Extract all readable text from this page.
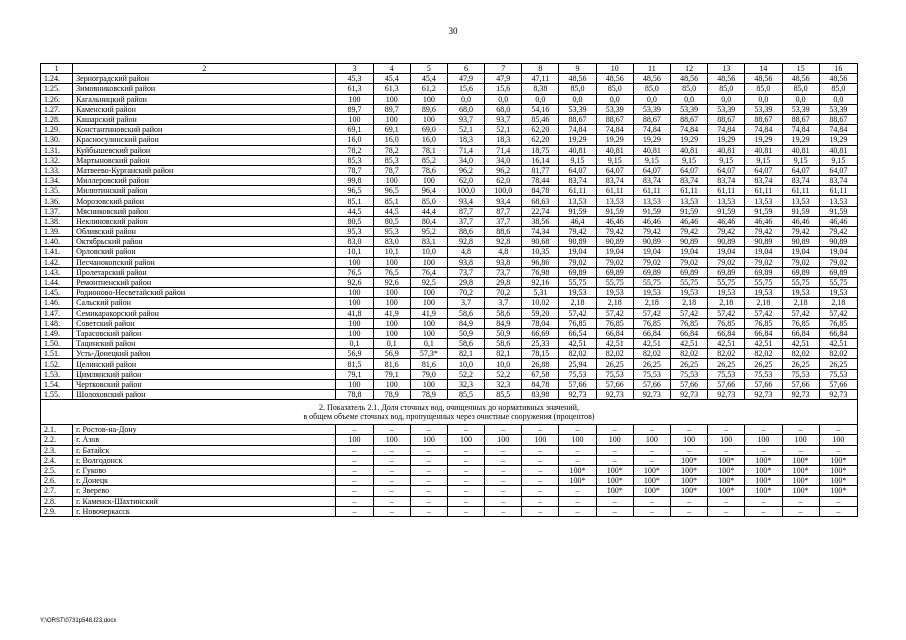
30
1	2	3	4	5	6	7	8	9	10	11	12	13	14	15	16
1.24.	Зерноградский район	45,3	45,4	45,4	47,9	47,9	47,11	48,56	48,56	48,56	48,56	48,56	48,56	48,56	48,56
1.25.	Зимовниковский район	61,3	61,3	61,2	15,6	15,6	8,38	85,0	85,0	85,0	85,0	85,0	85,0	85,0	85,0
1.26.	Кагальницкий район	100	100	100	0,0	0,0	0,0	0,0	0,0	0,0	0,0	0,0	0,0	0,0	0,0
1.27.	Каменский район	89,7	89,7	89,6	68,0	68,0	54,16	53,39	53,39	53,39	53,39	53,39	53,39	53,39	53,39
1.28.	Кашарский район	100	100	100	93,7	93,7	85,46	88,67	88,67	88,67	88,67	88,67	88,67	88,67	88,67
1.29.	Константиновский район	69,1	69,1	69,0	52,1	52,1	62,20	74,84	74,84	74,84	74,84	74,84	74,84	74,84	74,84
1.30.	Красносулинский район	16,0	16,0	16,0	18,3	18,3	62,20	19,29	19,29	19,29	19,29	19,29	19,29	19,29	19,29
1.31.	Куйбышевский район	78,2	78,2	78,1	71,4	71,4	18,75	40,81	40,81	40,81	40,81	40,81	40,81	40,81	40,81
1.32.	Мартыновский район	85,3	85,3	85,2	34,0	34,0	16,14	9,15	9,15	9,15	9,15	9,15	9,15	9,15	9,15
1.33.	Матвеево-Курганский район	78,7	78,7	78,6	96,2	96,2	81,77	64,07	64,07	64,07	64,07	64,07	64,07	64,07	64,07
1.34.	Миллеровский район	99,8	100	100	62,0	62,0	78,44	83,74	83,74	83,74	83,74	83,74	83,74	83,74	83,74
1.35.	Милютинский район	96,5	96,5	96,4	100,0	100,0	84,78	61,11	61,11	61,11	61,11	61,11	61,11	61,11	61,11
1.36.	Морозовский район	85,1	85,1	85,0	93,4	93,4	68,63	13,53	13,53	13,53	13,53	13,53	13,53	13,53	13,53
1.37.	Мясниковский район	44,5	44,5	44,4	87,7	87,7	22,74	91,59	91,59	91,59	91,59	91,59	91,59	91,59	91,59
1.38.	Неклиновский район	80,5	80,5	80,4	37,7	37,7	38,56	46,4	46,46	46,46	46,46	46,46	46,46	46,46	46,46
1.39.	Обливский район	95,3	95,3	95,2	88,6	88,6	74,34	79,42	79,42	79,42	79,42	79,42	79,42	79,42	79,42
1.40.	Октябрьский район	83,0	83,0	83,1	92,8	92,8	90,68	90,89	90,89	90,89	90,89	90,89	90,89	90,89	90,89
1.41.	Орловский район	10,1	10,1	10,0	4,8	4,8	10,35	19,04	19,04	19,04	19,04	19,04	19,04	19,04	19,04
1.42.	Песчанокопский район	100	100	100	93,8	93,8	96,86	79,02	79,02	79,02	79,02	79,02	79,02	79,02	79,02
1.43.	Пролетарский район	76,5	76,5	76,4	73,7	73,7	76,98	69,89	69,89	69,89	69,89	69,89	69,89	69,89	69,89
1.44.	Ремонтненский район	92,6	92,6	92,5	29,8	29,8	92,16	55,75	55,75	55,75	55,75	55,75	55,75	55,75	55,75
1.45.	Родионово-Несветайский район	100	100	100	70,2	70,2	5,31	19,53	19,53	19,53	19,53	19,53	19,53	19,53	19,53
1.46.	Сальский район	100	100	100	3,7	3,7	10,02	2,18	2,18	2,18	2,18	2,18	2,18	2,18	2,18
1.47.	Семикаракорский район	41,8	41,9	41,9	58,6	58,6	59,20	57,42	57,42	57,42	57,42	57,42	57,42	57,42	57,42
1.48.	Советский район	100	100	100	84,9	84,9	78,04	76,85	76,85	76,85	76,85	76,85	76,85	76,85	76,85
1.49.	Тарасовский район	100	100	100	50,9	50,9	66,69	66,54	66,84	66,84	66,84	66,84	66,84	66,84	66,84
1.50.	Тацинский район	0,1	0,1	0,1	58,6	58,6	25,33	42,51	42,51	42,51	42,51	42,51	42,51	42,51	42,51
1.51.	Усть-Донецкий район	56,9	56,9	57,3*	82,1	82,1	78,15	82,02	82,02	82,02	82,02	82,02	82,02	82,02	82,02
1.52.	Целинский район	81,5	81,6	81,6	10,0	10,0	26,88	25,94	26,25	26,25	26,25	26,25	26,25	26,25	26,25
1.53.	Цимлянский район	79,1	79,1	79,0	52,2	52,2	67,58	75,53	75,53	75,53	75,53	75,53	75,53	75,53	75,53
1.54.	Чертковский район	100	100	100	32,3	32,3	84,78	57,66	57,66	57,66	57,66	57,66	57,66	57,66	57,66
1.55.	Шолоховский район	78,8	78,9	78,9	85,5	85,5	83,98	92,73	92,73	92,73	92,73	92,73	92,73	92,73	92,73

2. Показатель 2.1. Доля сточных вод, очищенных до нормативных значений,
в общем объеме сточных вод, пропущенных через очистные сооружения (процентов)															

2.1.	г. Ростов-на-Дону	–	–	–	–	–	–	–	–	–	–	–	–	–	–
2.2.	г. Азов	100	100	100	100	100	100	100	100	100	100	100	100	100	100
2.3.	г. Батайск	–	–	–	–	–	–	–	–	–	–	–	–	–	–
2.4.	г. Волгодонск	–	–	–	–	–	–	–	–	–	100*	100*	100*	100*	100*
2.5.	г. Гуково	–	–	–	–	–	–	100*	100*	100*	100*	100*	100*	100*	100*
2.6.	г. Донецк	–	–	–	–	–	–	100*	100*	100*	100*	100*	100*	100*	100*
2.7.	г. Зверево	–	–	–	–	–	–	–	100*	100*	100*	100*	100*	100*	100*
2.8.	г. Каменск-Шахтинский	–	–	–	–	–	–	–	–	–	–	–	–	–	–
2.9.	г. Новочеркасск	–	–	–	–	–	–	–	–	–	–	–	–	–	–
Y:\ORST\0731p548.f23.docx
